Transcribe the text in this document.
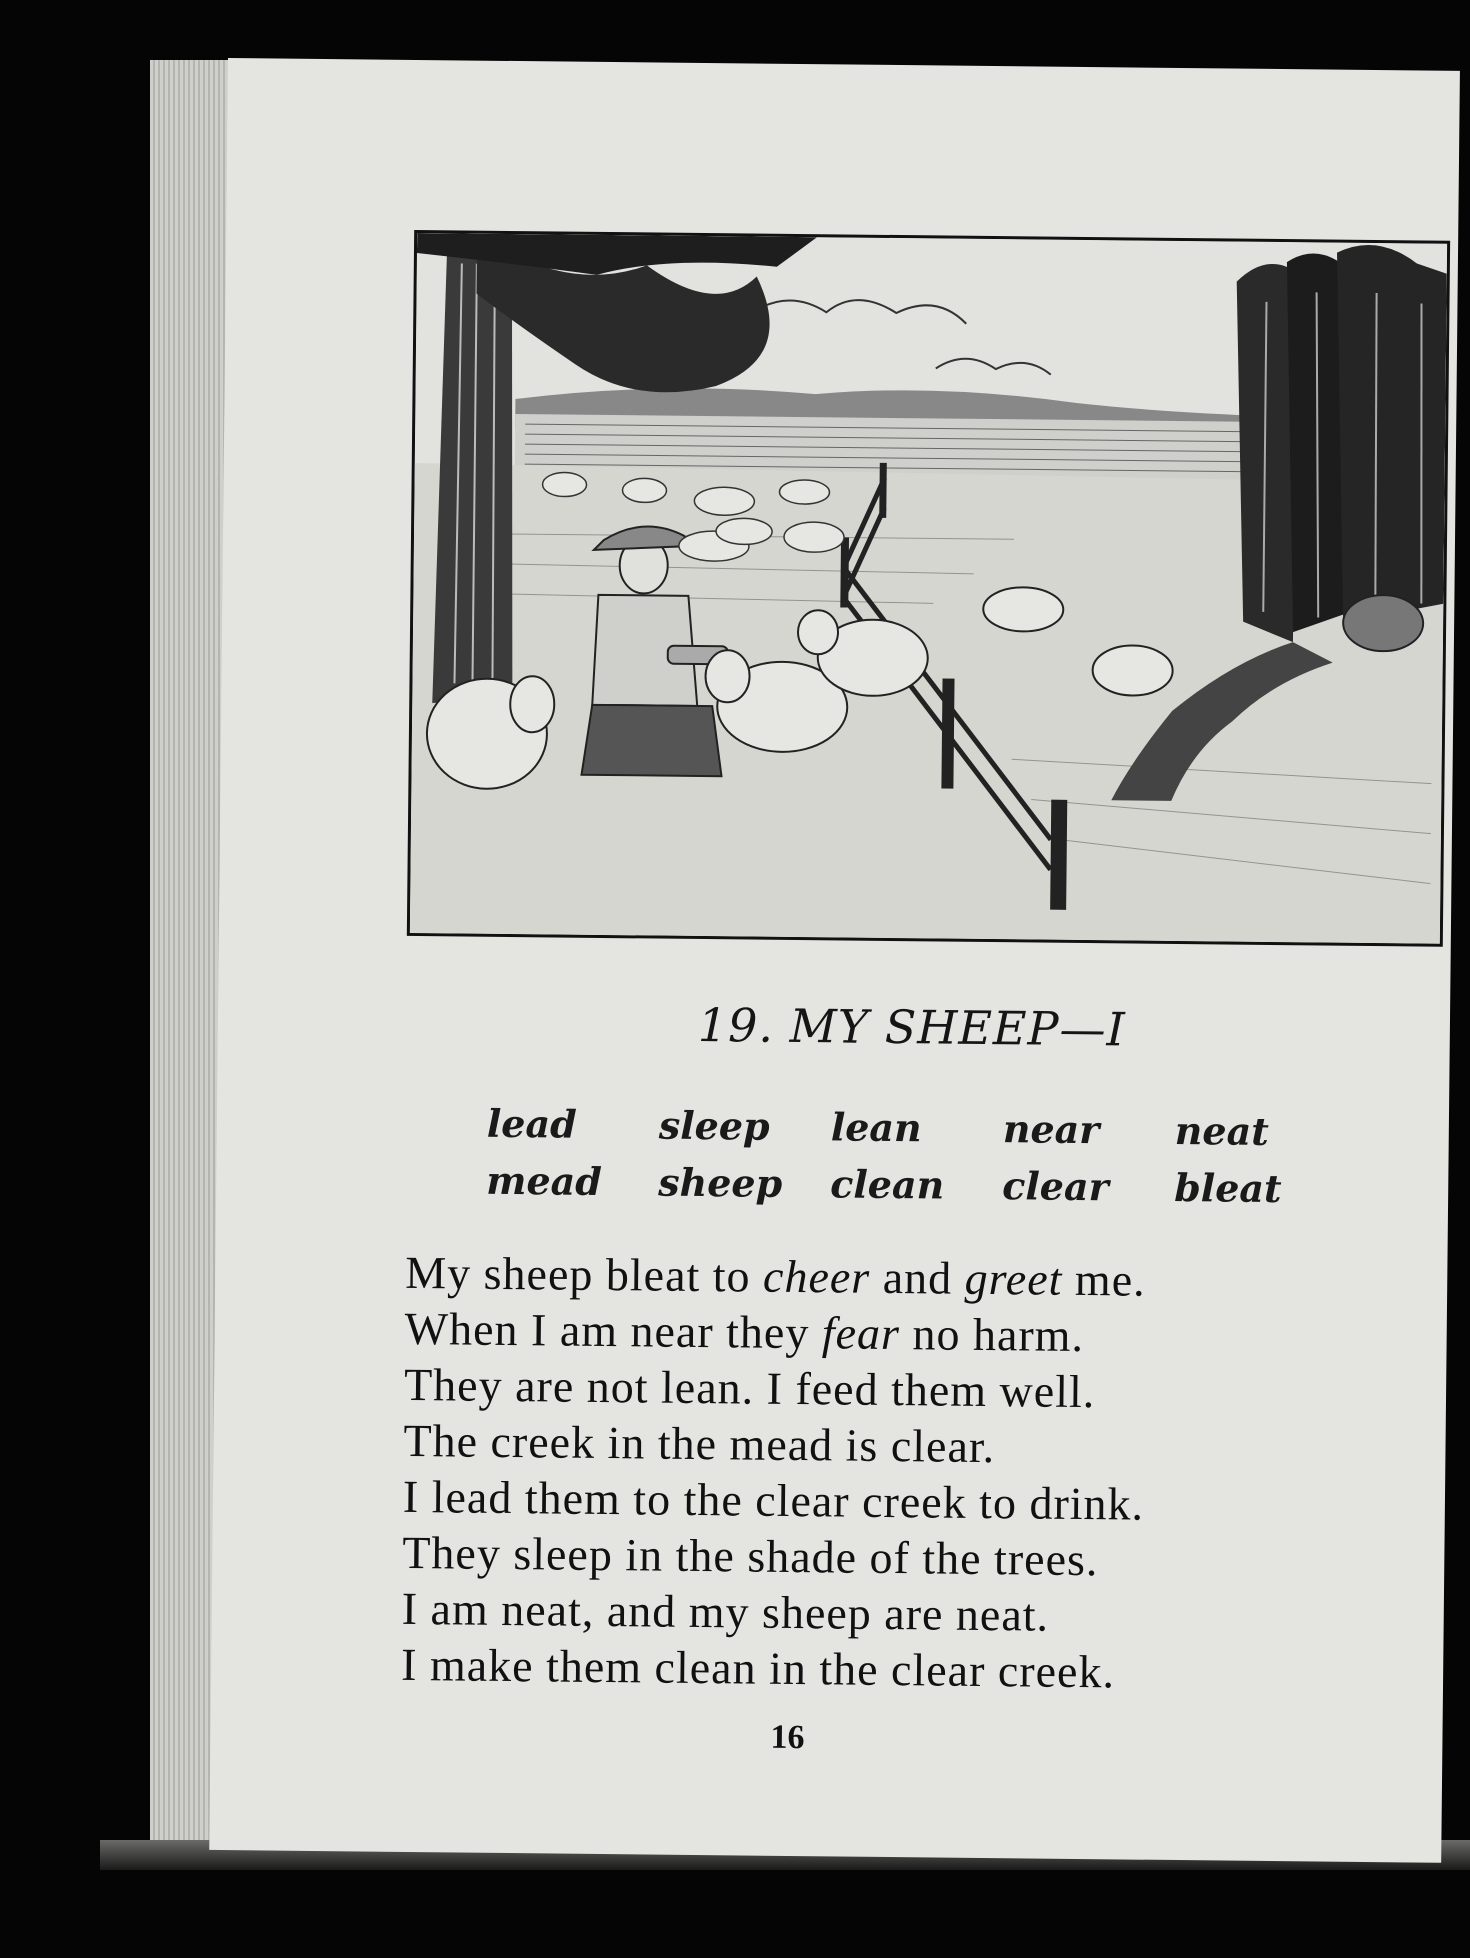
19. MY SHEEP—I
lead	sleep	lean	near	neat
mead	sheep	clean	clear	bleat
My sheep bleat to cheer and greet me.
When I am near they fear no harm.
They are not lean. I feed them well.
The creek in the mead is clear.
I lead them to the clear creek to drink.
They sleep in the shade of the trees.
I am neat, and my sheep are neat.
I make them clean in the clear creek.
16
